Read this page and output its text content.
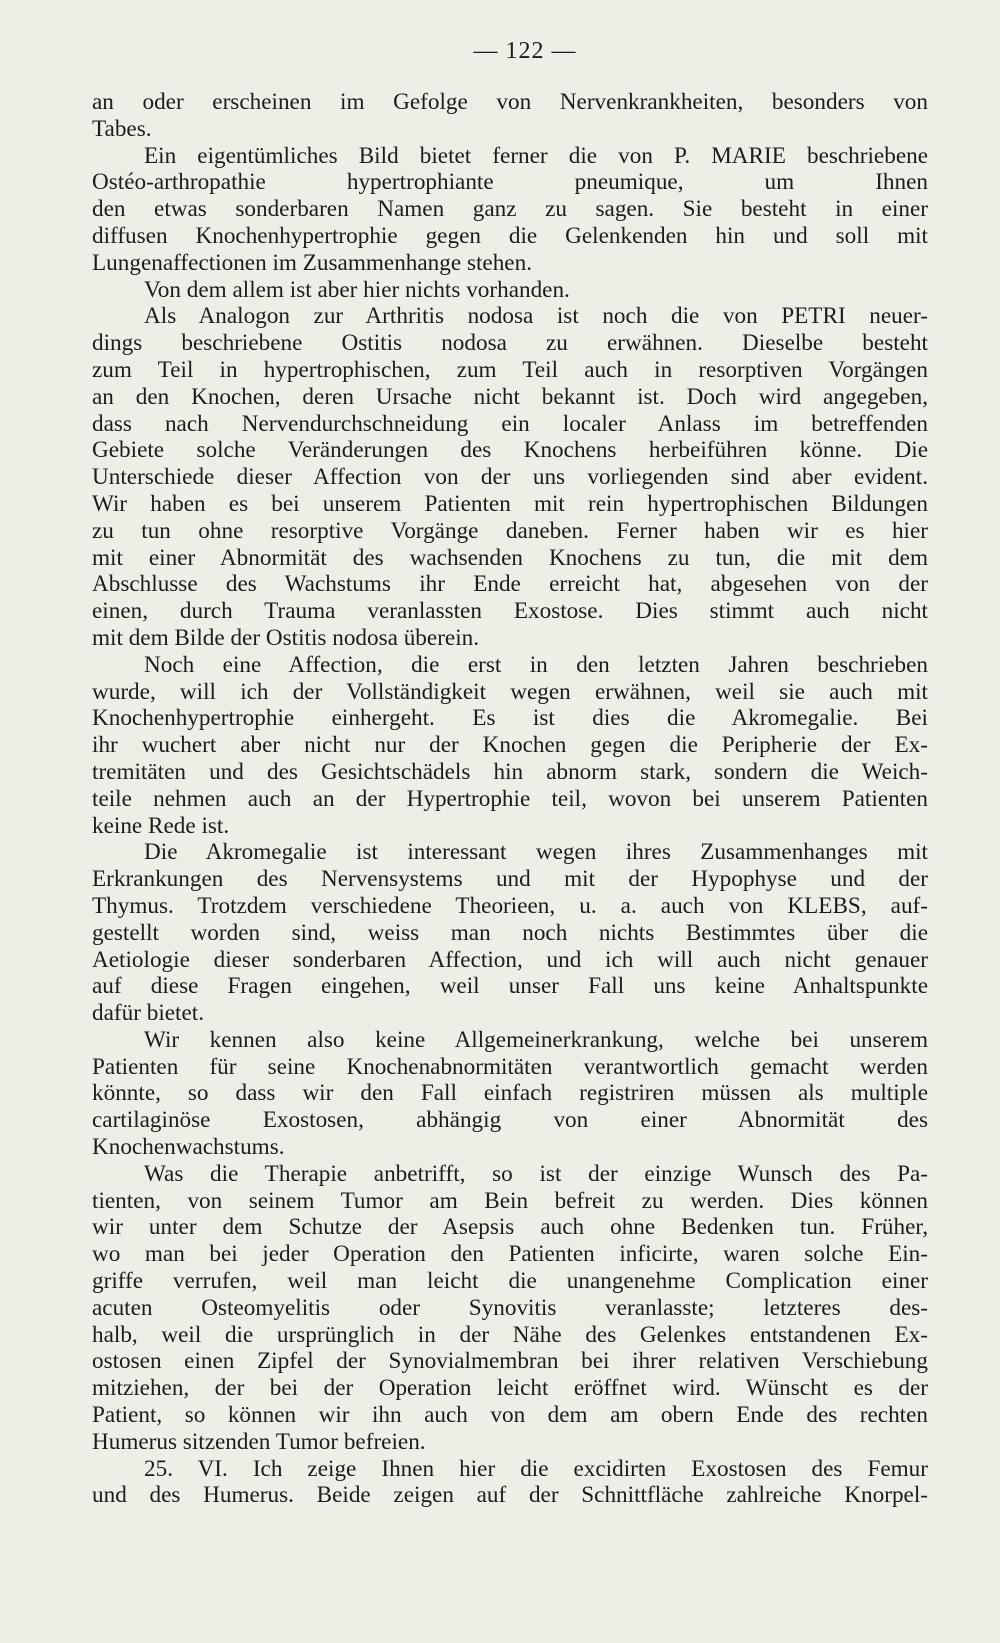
— 122 —
an oder erscheinen im Gefolge von Nervenkrankheiten, besonders von
Tabes.
Ein eigentümliches Bild bietet ferner die von P. MARIE beschriebene
Ostéo-arthropathie hypertrophiante pneumique, um Ihnen
den etwas sonderbaren Namen ganz zu sagen. Sie besteht in einer
diffusen Knochenhypertrophie gegen die Gelenkenden hin und soll mit
Lungenaffectionen im Zusammenhange stehen.
Von dem allem ist aber hier nichts vorhanden.
Als Analogon zur Arthritis nodosa ist noch die von PETRI neuer-
dings beschriebene Ostitis nodosa zu erwähnen. Dieselbe besteht
zum Teil in hypertrophischen, zum Teil auch in resorptiven Vorgängen
an den Knochen, deren Ursache nicht bekannt ist. Doch wird angegeben,
dass nach Nervendurchschneidung ein localer Anlass im betreffenden
Gebiete solche Veränderungen des Knochens herbeiführen könne. Die
Unterschiede dieser Affection von der uns vorliegenden sind aber evident.
Wir haben es bei unserem Patienten mit rein hypertrophischen Bildungen
zu tun ohne resorptive Vorgänge daneben. Ferner haben wir es hier
mit einer Abnormität des wachsenden Knochens zu tun, die mit dem
Abschlusse des Wachstums ihr Ende erreicht hat, abgesehen von der
einen, durch Trauma veranlassten Exostose. Dies stimmt auch nicht
mit dem Bilde der Ostitis nodosa überein.
Noch eine Affection, die erst in den letzten Jahren beschrieben
wurde, will ich der Vollständigkeit wegen erwähnen, weil sie auch mit
Knochenhypertrophie einhergeht. Es ist dies die Akromegalie. Bei
ihr wuchert aber nicht nur der Knochen gegen die Peripherie der Ex-
tremitäten und des Gesichtschädels hin abnorm stark, sondern die Weich-
teile nehmen auch an der Hypertrophie teil, wovon bei unserem Patienten
keine Rede ist.
Die Akromegalie ist interessant wegen ihres Zusammenhanges mit
Erkrankungen des Nervensystems und mit der Hypophyse und der
Thymus. Trotzdem verschiedene Theorieen, u. a. auch von KLEBS, auf-
gestellt worden sind, weiss man noch nichts Bestimmtes über die
Aetiologie dieser sonderbaren Affection, und ich will auch nicht genauer
auf diese Fragen eingehen, weil unser Fall uns keine Anhaltspunkte
dafür bietet.
Wir kennen also keine Allgemeinerkrankung, welche bei unserem
Patienten für seine Knochenabnormitäten verantwortlich gemacht werden
könnte, so dass wir den Fall einfach registriren müssen als multiple
cartilaginöse Exostosen, abhängig von einer Abnormität des
Knochenwachstums.
Was die Therapie anbetrifft, so ist der einzige Wunsch des Pa-
tienten, von seinem Tumor am Bein befreit zu werden. Dies können
wir unter dem Schutze der Asepsis auch ohne Bedenken tun. Früher,
wo man bei jeder Operation den Patienten inficirte, waren solche Ein-
griffe verrufen, weil man leicht die unangenehme Complication einer
acuten Osteomyelitis oder Synovitis veranlasste; letzteres des-
halb, weil die ursprünglich in der Nähe des Gelenkes entstandenen Ex-
ostosen einen Zipfel der Synovialmembran bei ihrer relativen Verschiebung
mitziehen, der bei der Operation leicht eröffnet wird. Wünscht es der
Patient, so können wir ihn auch von dem am obern Ende des rechten
Humerus sitzenden Tumor befreien.
25. VI. Ich zeige Ihnen hier die excidirten Exostosen des Femur
und des Humerus. Beide zeigen auf der Schnittfläche zahlreiche Knorpel-
